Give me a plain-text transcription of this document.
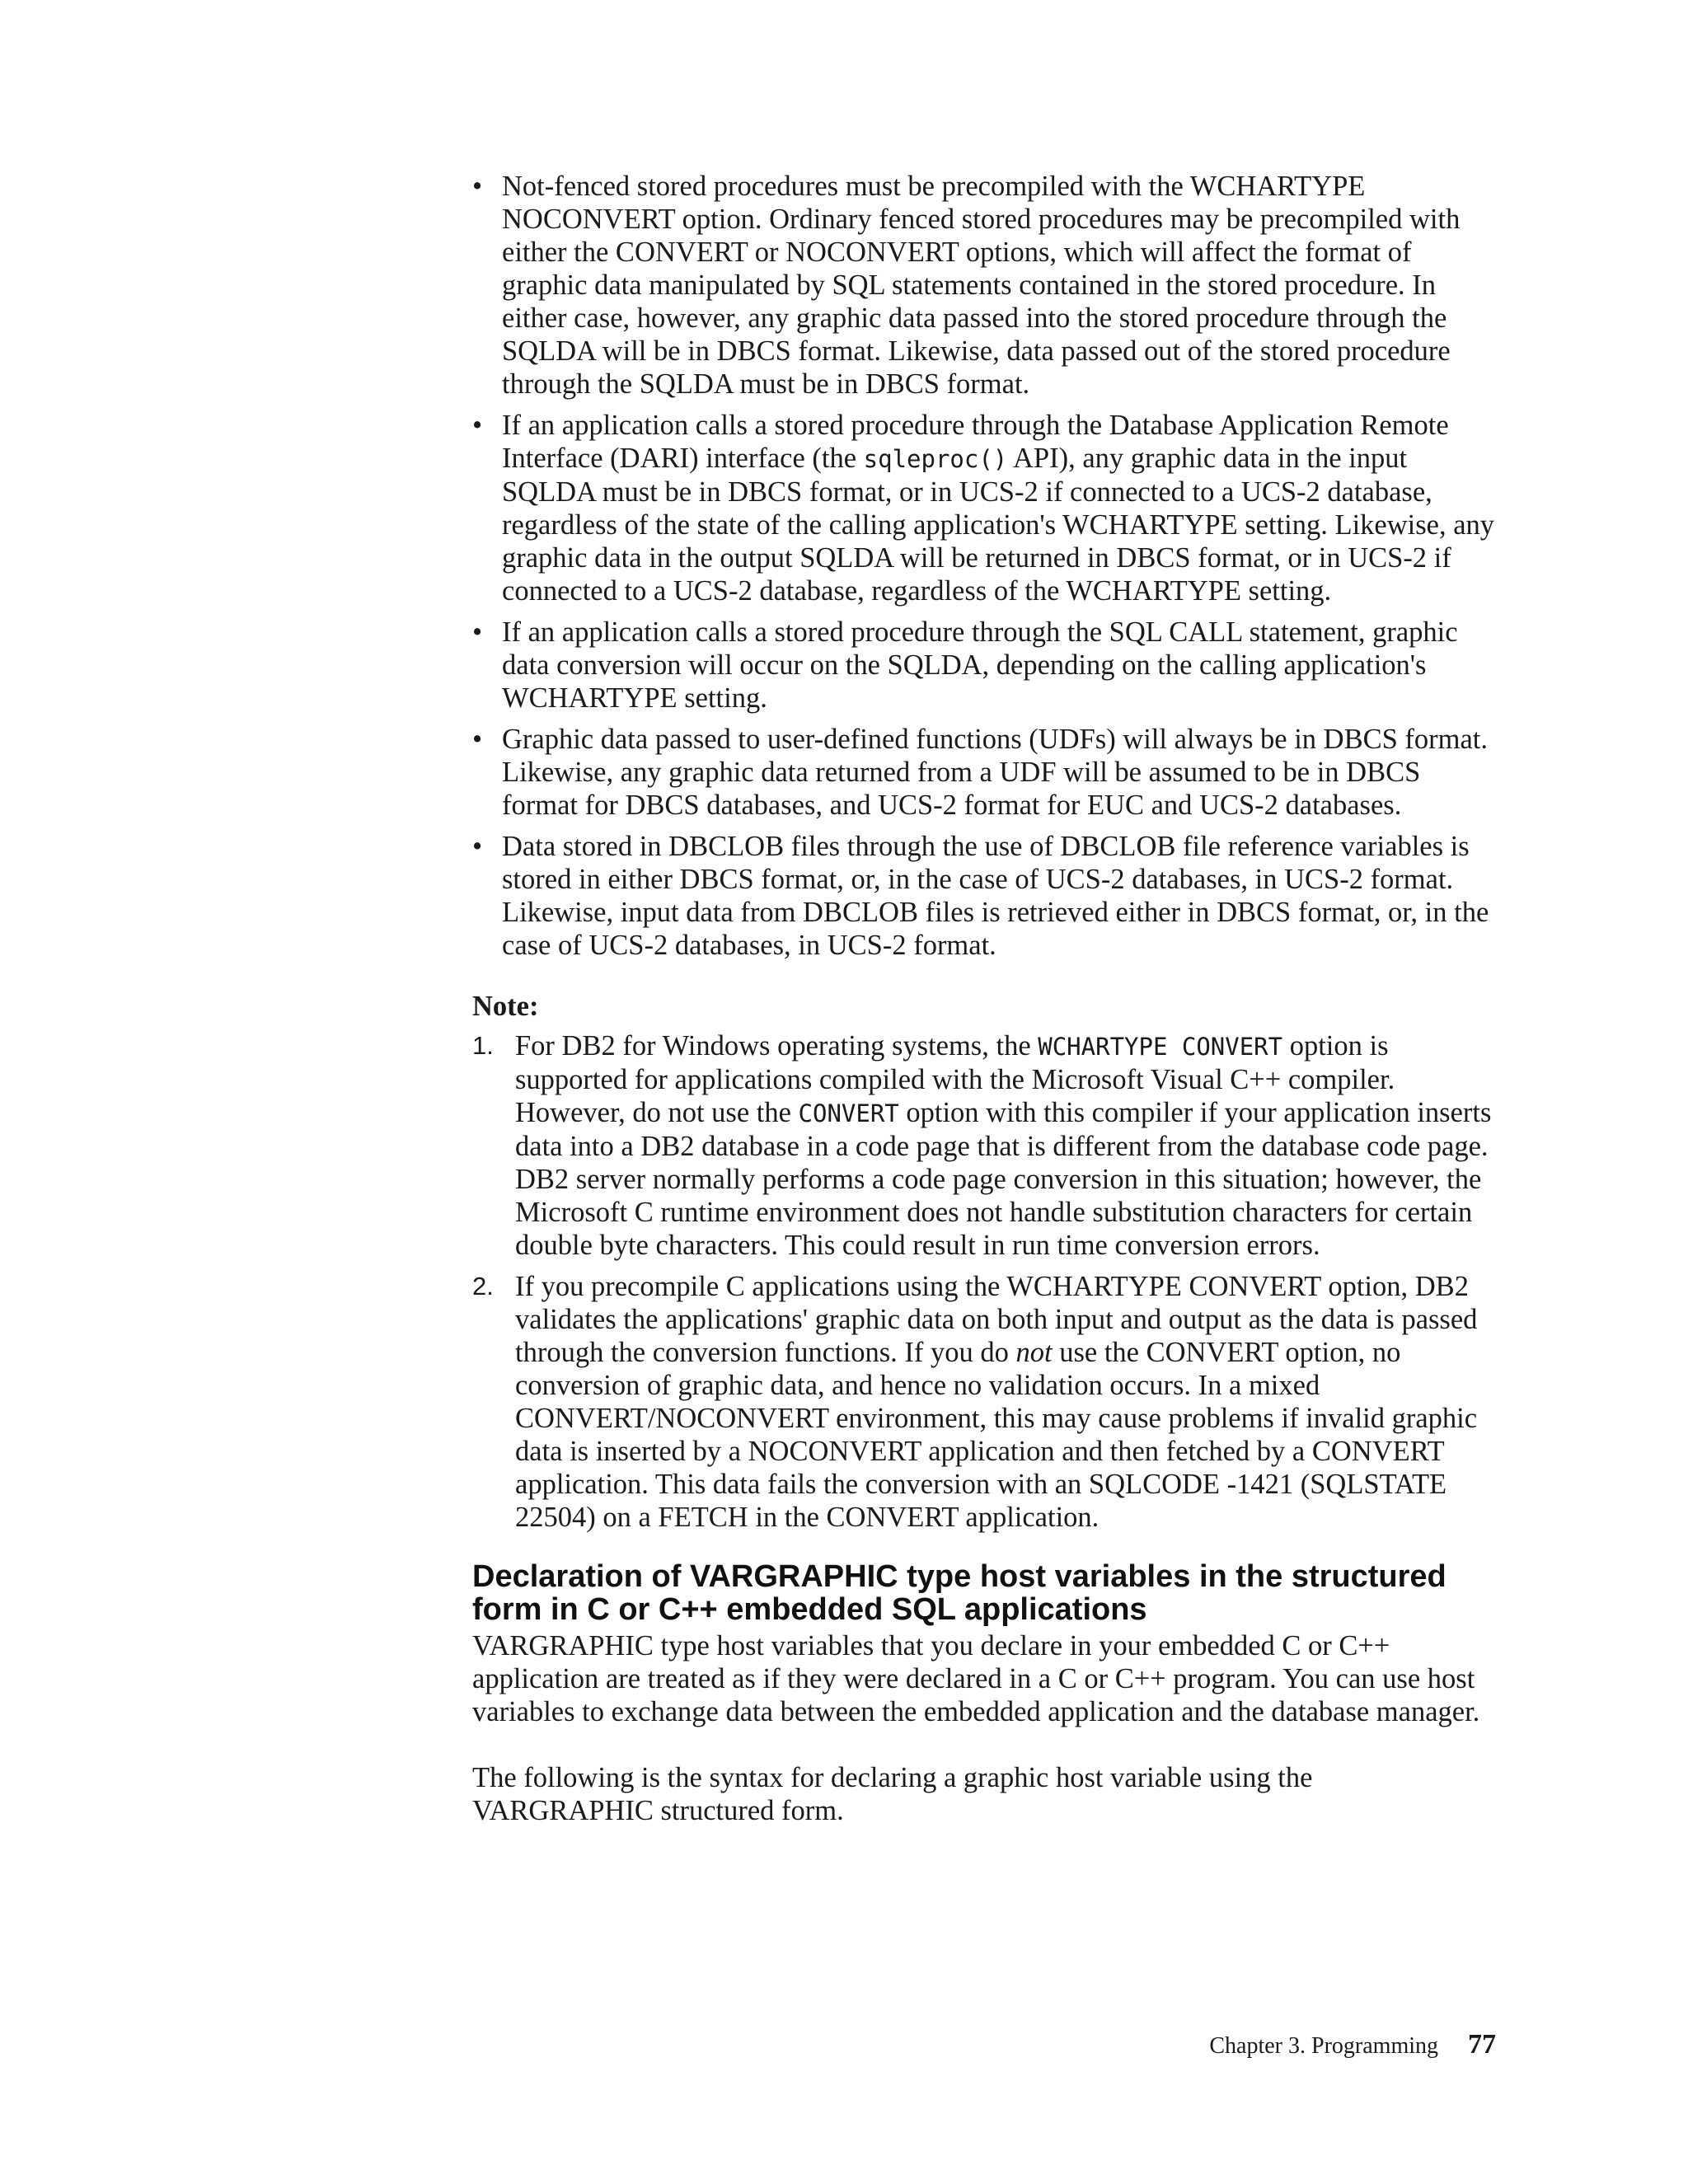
• Not-fenced stored procedures must be precompiled with the WCHARTYPE NOCONVERT option. Ordinary fenced stored procedures may be precompiled with either the CONVERT or NOCONVERT options, which will affect the format of graphic data manipulated by SQL statements contained in the stored procedure. In either case, however, any graphic data passed into the stored procedure through the SQLDA will be in DBCS format. Likewise, data passed out of the stored procedure through the SQLDA must be in DBCS format.
• If an application calls a stored procedure through the Database Application Remote Interface (DARI) interface (the sqleproc() API), any graphic data in the input SQLDA must be in DBCS format, or in UCS-2 if connected to a UCS-2 database, regardless of the state of the calling application's WCHARTYPE setting. Likewise, any graphic data in the output SQLDA will be returned in DBCS format, or in UCS-2 if connected to a UCS-2 database, regardless of the WCHARTYPE setting.
• If an application calls a stored procedure through the SQL CALL statement, graphic data conversion will occur on the SQLDA, depending on the calling application's WCHARTYPE setting.
• Graphic data passed to user-defined functions (UDFs) will always be in DBCS format. Likewise, any graphic data returned from a UDF will be assumed to be in DBCS format for DBCS databases, and UCS-2 format for EUC and UCS-2 databases.
• Data stored in DBCLOB files through the use of DBCLOB file reference variables is stored in either DBCS format, or, in the case of UCS-2 databases, in UCS-2 format. Likewise, input data from DBCLOB files is retrieved either in DBCS format, or, in the case of UCS-2 databases, in UCS-2 format.
Note:
1. For DB2 for Windows operating systems, the WCHARTYPE CONVERT option is supported for applications compiled with the Microsoft Visual C++ compiler. However, do not use the CONVERT option with this compiler if your application inserts data into a DB2 database in a code page that is different from the database code page. DB2 server normally performs a code page conversion in this situation; however, the Microsoft C runtime environment does not handle substitution characters for certain double byte characters. This could result in run time conversion errors.
2. If you precompile C applications using the WCHARTYPE CONVERT option, DB2 validates the applications' graphic data on both input and output as the data is passed through the conversion functions. If you do not use the CONVERT option, no conversion of graphic data, and hence no validation occurs. In a mixed CONVERT/NOCONVERT environment, this may cause problems if invalid graphic data is inserted by a NOCONVERT application and then fetched by a CONVERT application. This data fails the conversion with an SQLCODE -1421 (SQLSTATE 22504) on a FETCH in the CONVERT application.
Declaration of VARGRAPHIC type host variables in the structured form in C or C++ embedded SQL applications

VARGRAPHIC type host variables that you declare in your embedded C or C++ application are treated as if they were declared in a C or C++ program. You can use host variables to exchange data between the embedded application and the database manager.

The following is the syntax for declaring a graphic host variable using the VARGRAPHIC structured form.

Chapter 3. Programming 77
